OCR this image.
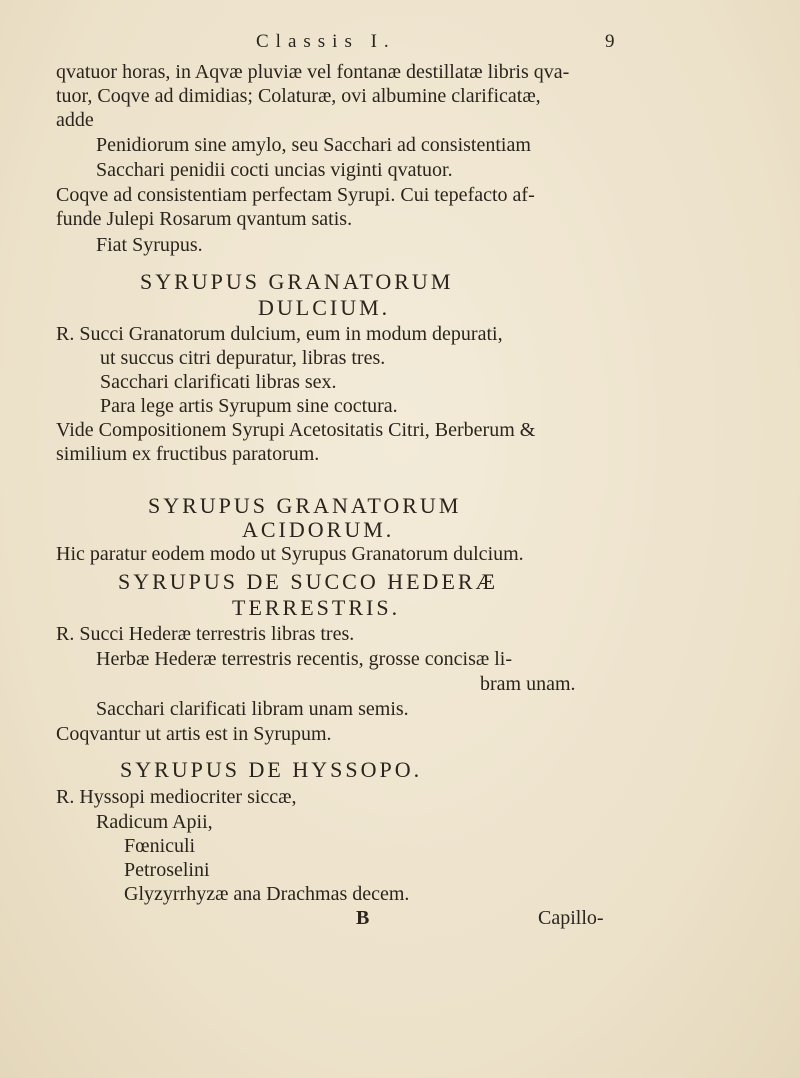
Classis I.	9
qvatuor horas, in Aqvæ pluviæ vel fontanæ destillatæ libris qva-
tuor, Coqve ad dimidias; Colaturæ, ovi albumine clarificatæ,
adde
Penidiorum sine amylo, seu Sacchari ad consistentiam
Sacchari penidii cocti uncias viginti qvatuor.
Coqve ad consistentiam perfectam Syrupi. Cui tepefacto af-
funde Julepi Rosarum qvantum satis.
Fiat Syrupus.
SYRUPUS GRANATORUM
DULCIUM.
R. Succi Granatorum dulcium, eum in modum depurati,
ut succus citri depuratur, libras tres.
Sacchari clarificati libras sex.
Para lege artis Syrupum sine coctura.
Vide Compositionem Syrupi Acetositatis Citri, Berberum &
similium ex fructibus paratorum.
SYRUPUS GRANATORUM
ACIDORUM.
Hic paratur eodem modo ut Syrupus Granatorum dulcium.
SYRUPUS DE SUCCO HEDERÆ
TERRESTRIS.
R. Succi Hederæ terrestris libras tres.
Herbæ Hederæ terrestris recentis, grosse concisæ li-
bram unam.
Sacchari clarificati libram unam semis.
Coqvantur ut artis est in Syrupum.
SYRUPUS DE HYSSOPO.
R. Hyssopi mediocriter siccæ,
Radicum Apii,
Fœniculi
Petroselini
Glyzyrrhyzæ ana Drachmas decem.
B	Capillo-
